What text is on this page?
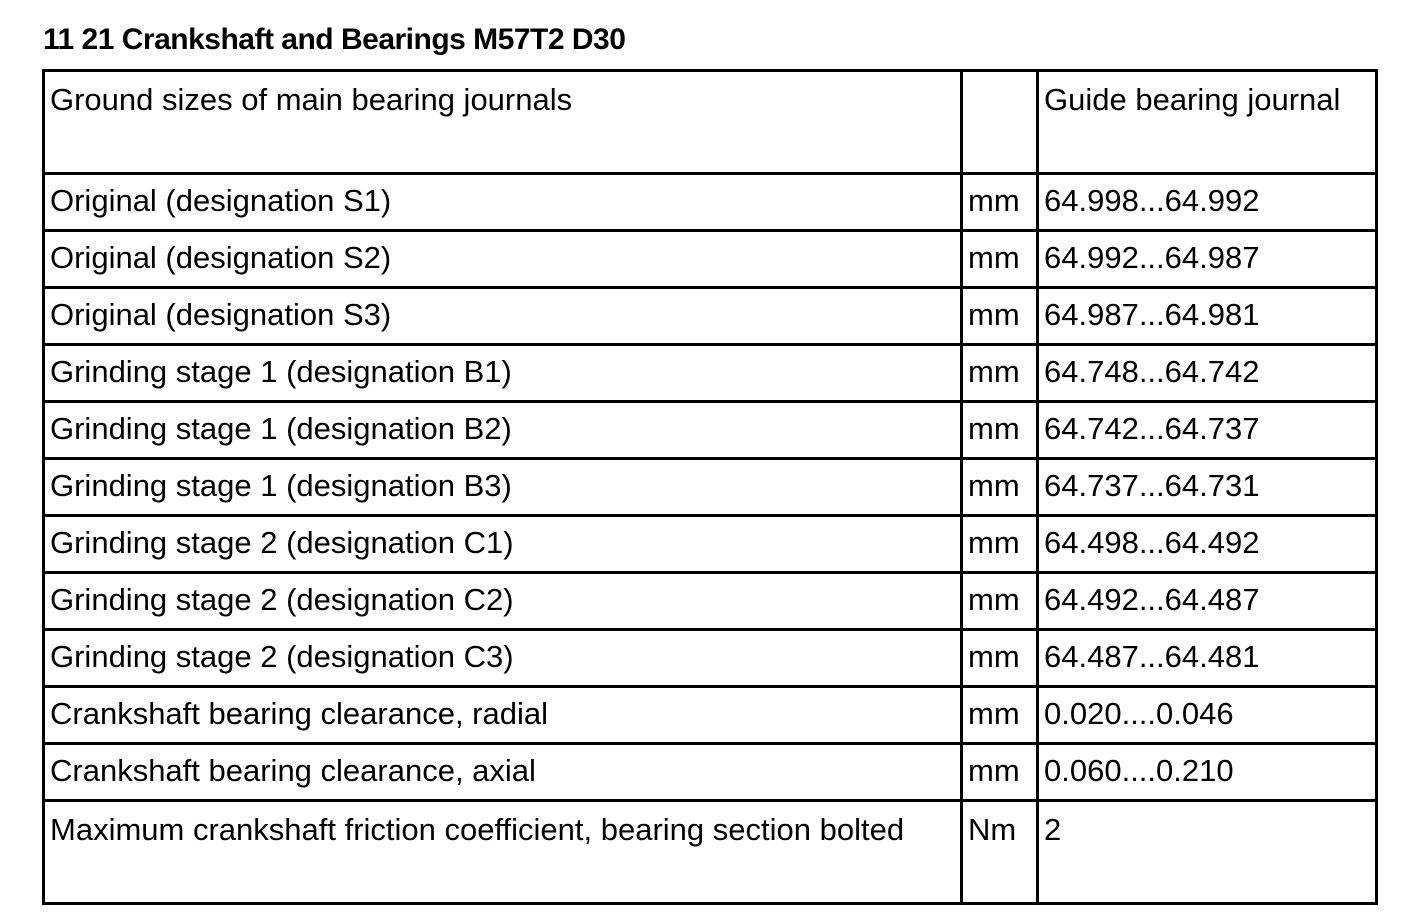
11 21 Crankshaft and Bearings M57T2 D30
Ground sizes of main bearing journals		Guide bearing journal
Original (designation S1)	mm	64.998...64.992
Original (designation S2)	mm	64.992...64.987
Original (designation S3)	mm	64.987...64.981
Grinding stage 1 (designation B1)	mm	64.748...64.742
Grinding stage 1 (designation B2)	mm	64.742...64.737
Grinding stage 1 (designation B3)	mm	64.737...64.731
Grinding stage 2 (designation C1)	mm	64.498...64.492
Grinding stage 2 (designation C2)	mm	64.492...64.487
Grinding stage 2 (designation C3)	mm	64.487...64.481
Crankshaft bearing clearance, radial	mm	0.020....0.046
Crankshaft bearing clearance, axial	mm	0.060....0.210
Maximum crankshaft friction coefficient, bearing section bolted	Nm	2
